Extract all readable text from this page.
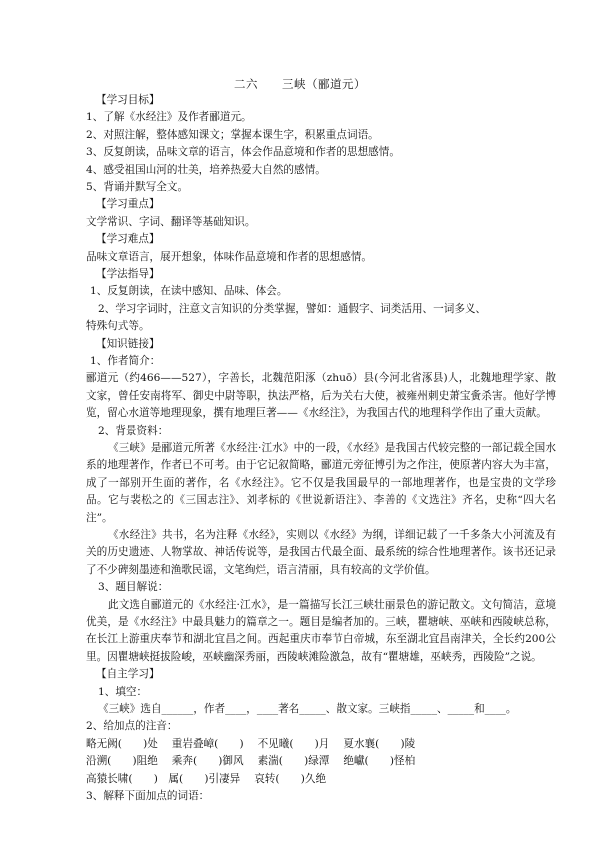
二六　　三峡（郦道元）
【学习目标】
1、了解《水经注》及作者郦道元。
2、对照注解，整体感知课文；掌握本课生字，积累重点词语。
3、反复朗读，品味文章的语言，体会作品意境和作者的思想感情。
4、感受祖国山河的壮美，培养热爱大自然的感情。
5、背诵并默写全文。
【学习重点】
文学常识、字词、翻译等基础知识。
【学习难点】
品味文章语言，展开想象，体味作品意境和作者的思想感情。
【学法指导】
1、反复朗读，在读中感知、品味、体会。
2、学习字词时，注意文言知识的分类掌握，譬如：通假字、词类活用、一词多义、
特殊句式等。
【知识链接】
1、作者简介：
郦道元（约466——527），字善长，北魏范阳涿（zhuō）县(今河北省涿县)人，北魏地理学家、散文家，曾任安南将军、御史中尉等职，执法严格，后为关右大使，被雍州刺史萧宝夤杀害。他好学博览，留心水道等地理现象，撰有地理巨著——《水经注》，为我国古代的地理科学作出了重大贡献。
2、背景资料：
《三峡》是郦道元所著《水经注·江水》中的一段，《水经》是我国古代较完整的一部记载全国水系的地理著作，作者已不可考。由于它记叙简略，郦道元旁征博引为之作注，使原著内容大为丰富，成了一部别开生面的著作，名《水经注》。它不仅是我国最早的一部地理著作，也是宝贵的文学珍品。它与裴松之的《三国志注》、刘孝标的《世说新语注》、李善的《文选注》齐名，史称“四大名注”。
《水经注》共书，名为注释《水经》，实则以《水经》为纲，详细记载了一千多条大小河流及有关的历史遗迹、人物掌故、神话传说等，是我国古代最全面、最系统的综合性地理著作。该书还记录了不少碑刻墨迹和渔歌民谣，文笔绚烂，语言清丽，具有较高的文学价值。
3、题目解说：
此文选自郦道元的《水经注·江水》，是一篇描写长江三峡壮丽景色的游记散文。文句简洁，意境优美，是《水经注》中最具魅力的篇章之一。题目是编者加的。三峡，瞿塘峡、巫峡和西陵峡总称，在长江上游重庆奉节和湖北宜昌之间。西起重庆市奉节白帝城，东至湖北宜昌南津关，全长约200公里。因瞿塘峡挺拔险峻，巫峡幽深秀丽，西陵峡滩险激急，故有“瞿塘雄，巫峡秀，西陵险”之说。
【自主学习】
1、填空：
《三峡》选自______，作者____，____著名_____、散文家。三峡指_____、_____和____。
2、给加点的注音：
略无阙(　　)处　 重岩叠嶂(　　)　 不见曦(　　)月　 夏水襄(　　)陵
沿溯(　　)阻绝　 乘奔(　　)御风　 素湍(　　)绿潭　 绝巘(　　)怪柏
高猿长啸(　　)　属(　　)引凄异　 哀转(　　)久绝
3、解释下面加点的词语：
